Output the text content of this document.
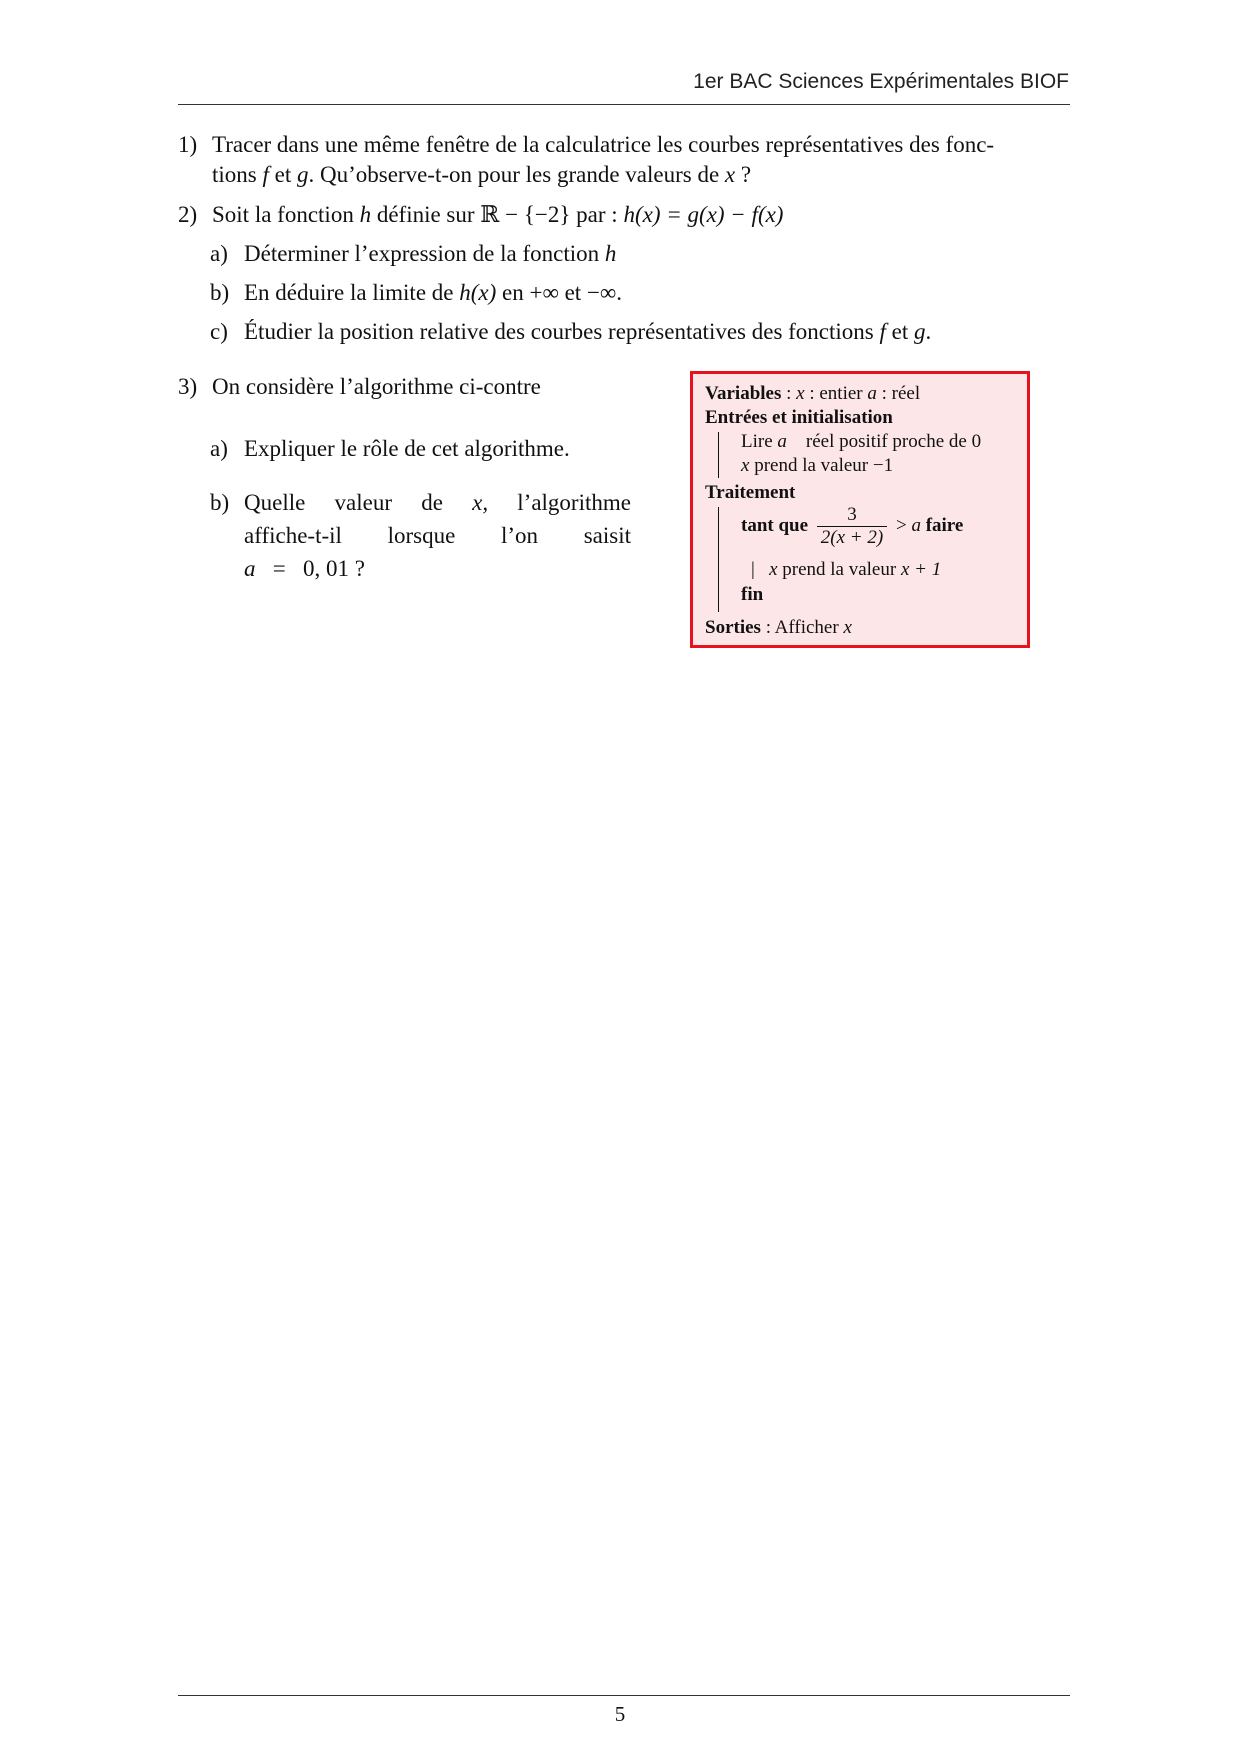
1er BAC Sciences Expérimentales BIOF
1) Tracer dans une même fenêtre de la calculatrice les courbes représentatives des fonc-
tions f et g. Qu’observe-t-on pour les grande valeurs de x ?
2) Soit la fonction h définie sur ℝ − {−2} par : h(x) = g(x) − f(x)
a) Déterminer l’expression de la fonction h
b) En déduire la limite de h(x) en +∞ et −∞.
c) Étudier la position relative des courbes représentatives des fonctions f et g.
3) On considère l’algorithme ci-contre
a) Expliquer le rôle de cet algorithme.
b) Quelle valeur de x, l’algorithme
affiche-t-il lorsque l’on saisit
a = 0, 01 ?
Variables : x : entier a : réel
Entrées et initialisation
Lire a    réel positif proche de 0
x prend la valeur −1
Traitement
tant que $\frac{3}{2(x + 2)} > a$ faire
| x prend la valeur x + 1
fin
Sorties : Afficher x
5
